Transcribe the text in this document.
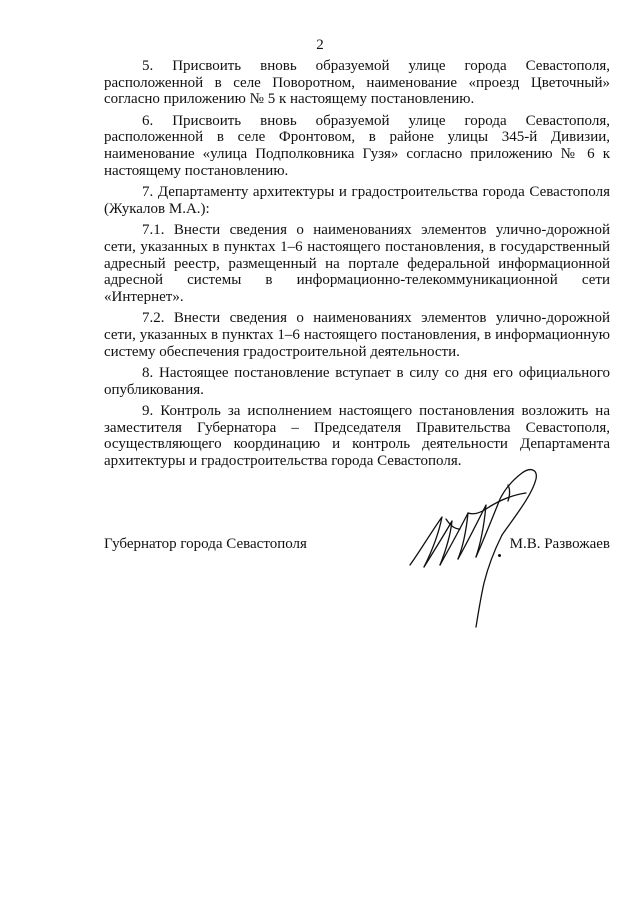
2

5. Присвоить вновь образуемой улице города Севастополя, расположенной в селе Поворотном, наименование «проезд Цветочный» согласно приложению № 5 к настоящему постановлению.

6. Присвоить вновь образуемой улице города Севастополя, расположенной в селе Фронтовом, в районе улицы 345-й Дивизии, наименование «улица Подполковника Гузя» согласно приложению № 6 к настоящему постановлению.

7. Департаменту архитектуры и градостроительства города Севастополя (Жукалов М.А.):

7.1. Внести сведения о наименованиях элементов улично-дорожной сети, указанных в пунктах 1–6 настоящего постановления, в государственный адресный реестр, размещенный на портале федеральной информационной адресной системы в информационно-телекоммуникационной сети «Интернет».

7.2. Внести сведения о наименованиях элементов улично-дорожной сети, указанных в пунктах 1–6 настоящего постановления, в информационную систему обеспечения градостроительной деятельности.

8. Настоящее постановление вступает в силу со дня его официального опубликования.

9. Контроль за исполнением настоящего постановления возложить на заместителя Губернатора – Председателя Правительства Севастополя, осуществляющего координацию и контроль деятельности Департамента архитектуры и градостроительства города Севастополя.

Губернатор города Севастополя	М.В. Развожаев
